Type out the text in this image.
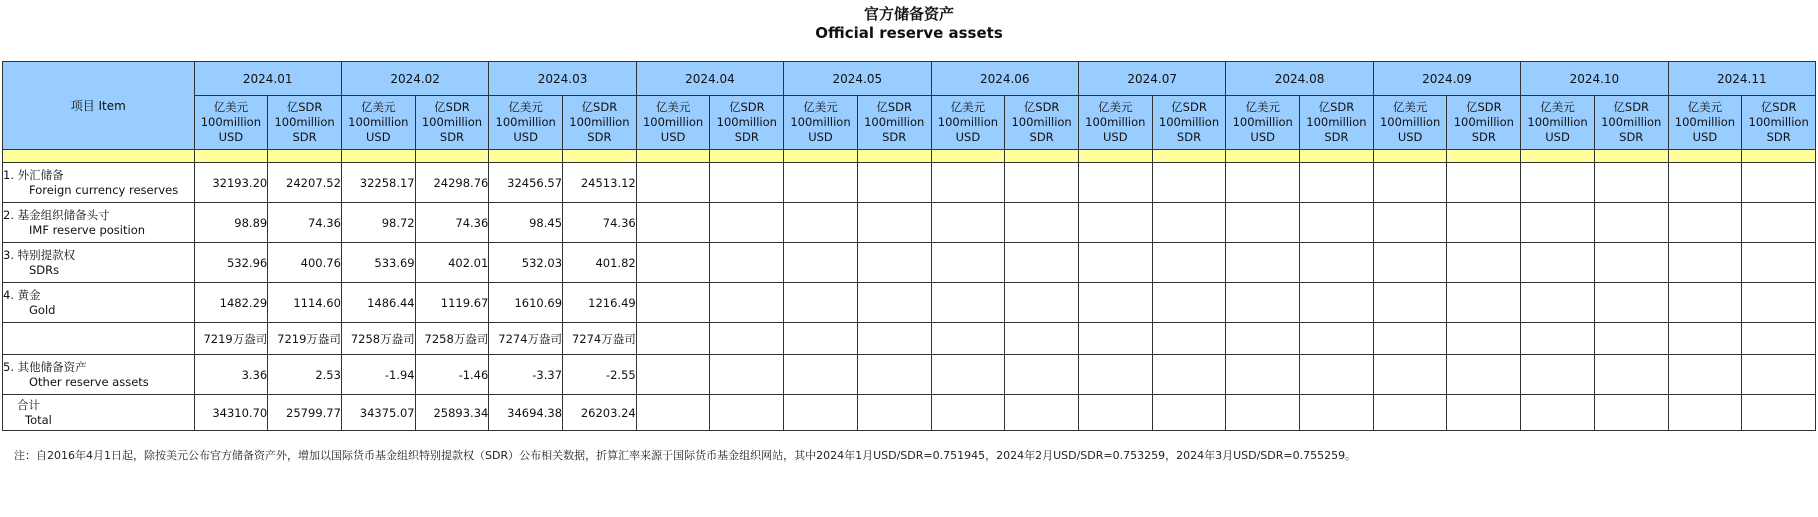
官方储备资产
Official reserve assets
项目 Item	2024.01		2024.02		2024.03		2024.04		2024.05		2024.06		2024.07		2024.08		2024.09		2024.10		2024.11	

	亿美元
100million
USD	亿SDR
100million
SDR	亿美元
100million
USD	亿SDR
100million
SDR	亿美元
100million
USD	亿SDR
100million
SDR	亿美元
100million
USD	亿SDR
100million
SDR	亿美元
100million
USD	亿SDR
100million
SDR	亿美元
100million
USD	亿SDR
100million
SDR	亿美元
100million
USD	亿SDR
100million
SDR	亿美元
100million
USD	亿SDR
100million
SDR	亿美元
100million
USD	亿SDR
100million
SDR	亿美元
100million
USD	亿SDR
100million
SDR	亿美元
100million
USD	亿SDR
100million
SDR

1. 外汇储备
Foreign currency reserves	32193.20	24207.52	32258.17	24298.76	32456.57	24513.12																

2. 基金组织储备头寸
IMF reserve position	98.89	74.36	98.72	74.36	98.45	74.36																

3. 特别提款权
SDRs	532.96	400.76	533.69	402.01	532.03	401.82																

4. 黄金
Gold	1482.29	1114.60	1486.44	1119.67	1610.69	1216.49																

	7219万盎司	7219万盎司	7258万盎司	7258万盎司	7274万盎司	7274万盎司																

5. 其他储备资产
Other reserve assets	3.36	2.53	-1.94	-1.46	-3.37	-2.55																

合计
Total	34310.70	25799.77	34375.07	25893.34	34694.38	26203.24																
注：自2016年4月1日起，除按美元公布官方储备资产外，增加以国际货币基金组织特别提款权（SDR）公布相关数据，折算汇率来源于国际货币基金组织网站，其中2024年1月USD/SDR=0.751945，2024年2月USD/SDR=0.753259，2024年3月USD/SDR=0.755259。
